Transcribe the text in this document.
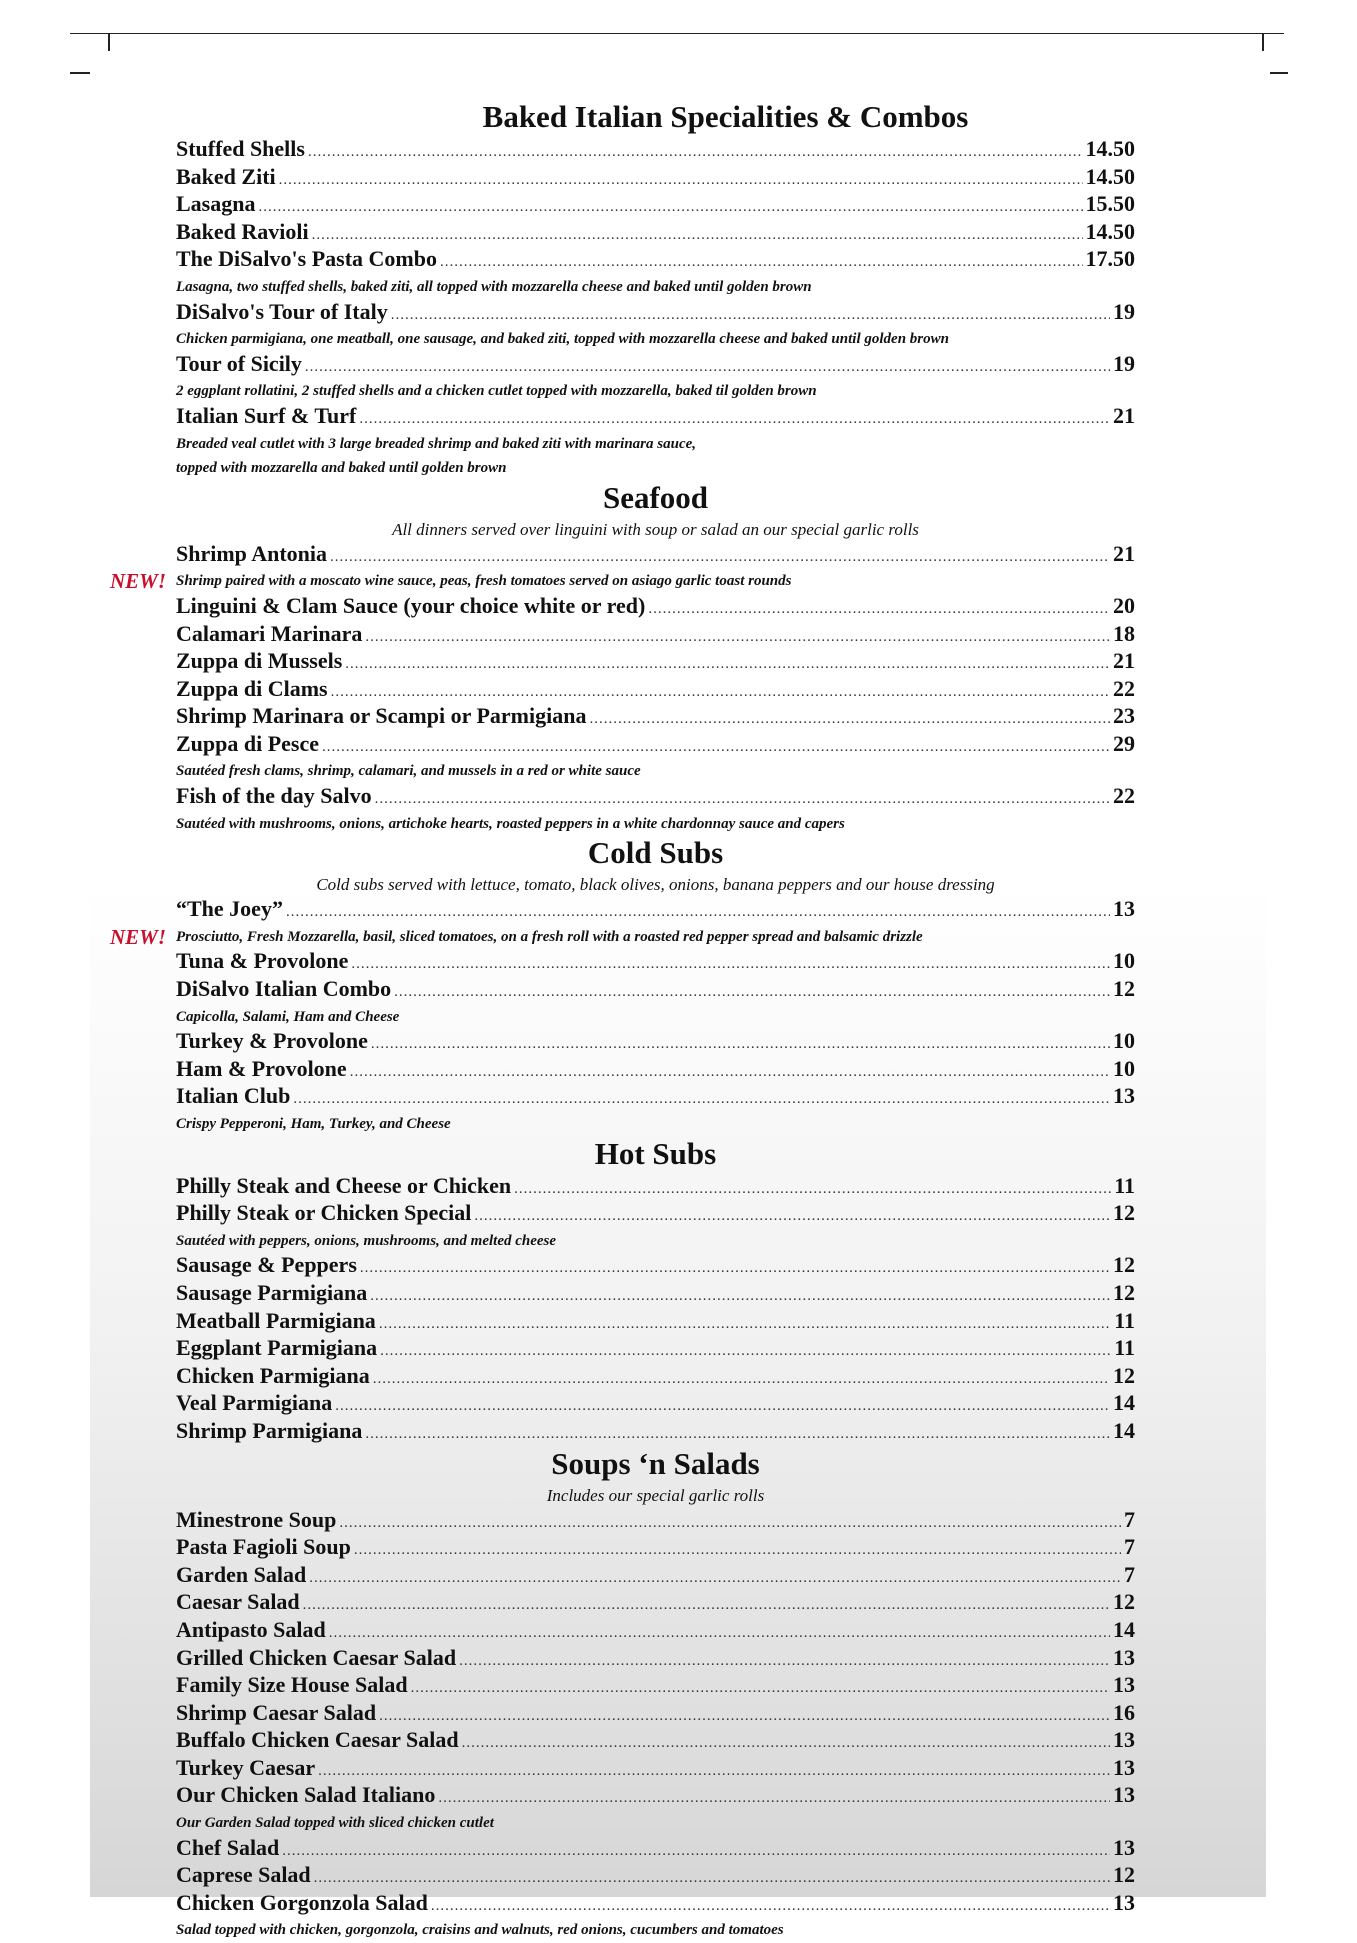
Baked Italian Specialities & Combos
Stuffed Shells .....	14.50
Baked Ziti .....	14.50
Lasagna .....	15.50
Baked Ravioli .....	14.50
The DiSalvo's Pasta Combo .....	17.50
Lasagna, two stuffed shells, baked ziti, all topped with mozzarella cheese and baked until golden brown
DiSalvo's Tour of Italy .....	19
Chicken parmigiana, one meatball, one sausage, and baked ziti, topped with mozzarella cheese and baked until golden brown
Tour of Sicily .....	19
2 eggplant rollatini, 2 stuffed shells and a chicken cutlet topped with mozzarella, baked til golden brown
Italian Surf & Turf .....	21
Breaded veal cutlet with 3 large breaded shrimp and baked ziti with marinara sauce,
topped with mozzarella and baked until golden brown
Seafood
All dinners served over linguini with soup or salad an our special garlic rolls
Shrimp Antonia .....	21
NEW! Shrimp paired with a moscato wine sauce, peas, fresh tomatoes served on asiago garlic toast rounds
Linguini & Clam Sauce (your choice white or red) .....	20
Calamari Marinara .....	18
Zuppa di Mussels .....	21
Zuppa di Clams .....	22
Shrimp Marinara or Scampi or Parmigiana .....	23
Zuppa di Pesce .....	29
Sautéed fresh clams, shrimp, calamari, and mussels in a red or white sauce
Fish of the day Salvo .....	22
Sautéed with mushrooms, onions, artichoke hearts, roasted peppers in a white chardonnay sauce and capers
Cold Subs
Cold subs served with lettuce, tomato, black olives, onions, banana peppers and our house dressing
“The Joey” .....	13
NEW! Prosciutto, Fresh Mozzarella, basil, sliced tomatoes, on a fresh roll with a roasted red pepper spread and balsamic drizzle
Tuna & Provolone .....	10
DiSalvo Italian Combo .....	12
Capicolla, Salami, Ham and Cheese
Turkey & Provolone .....	10
Ham & Provolone .....	10
Italian Club .....	13
Crispy Pepperoni, Ham, Turkey, and Cheese
Hot Subs
Philly Steak and Cheese or Chicken .....	11
Philly Steak or Chicken Special .....	12
Sautéed with peppers, onions, mushrooms, and melted cheese
Sausage & Peppers .....	12
Sausage Parmigiana .....	12
Meatball Parmigiana .....	11
Eggplant Parmigiana .....	11
Chicken Parmigiana .....	12
Veal Parmigiana .....	14
Shrimp Parmigiana .....	14
Soups ‘n Salads
Includes our special garlic rolls
Minestrone Soup .....	7
Pasta Fagioli Soup .....	7
Garden Salad .....	7
Caesar Salad .....	12
Antipasto Salad .....	14
Grilled Chicken Caesar Salad .....	13
Family Size House Salad .....	13
Shrimp Caesar Salad .....	16
Buffalo Chicken Caesar Salad .....	13
Turkey Caesar .....	13
Our Chicken Salad Italiano .....	13
Our Garden Salad topped with sliced chicken cutlet
Chef Salad .....	13
Caprese Salad .....	12
Chicken Gorgonzola Salad .....	13
Salad topped with chicken, gorgonzola, craisins and walnuts, red onions, cucumbers and tomatoes
